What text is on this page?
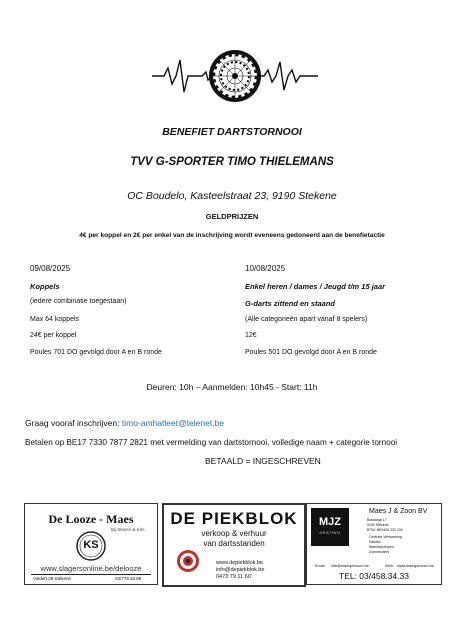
BENEFIET DARTSTORNOOI
TVV G-SPORTER TIMO THIELEMANS
OC Boudelo, Kasteelstraat 23, 9190 Stekene
GELDPRIJZEN
4€ per koppel en 2€ per enkel van de inschrijving wordt eveneens gedoneerd aan de benefietactie
09/08/2025
Koppels
(iedere combinatie toegestaan)
Max 64 koppels
24€ per koppel
Poules 701 DO gevolgd door A en B ronde
10/08/2025
Enkel heren / dames / Jeugd t/m 15 jaar
G-darts zittend en staand
(Alle categorieën apart vanaf 8 spelers)
12€
Poules 501 DO gevolgd door A en B ronde
Deuren: 10h – Aanmelden: 10h45 - Start: 11h
Graag vooraf inschrijven: timo-amhatleet@telenet.be
Betalen op BE17 7330 7877 2821 met vermelding van dartstornooi, volledige naam + categorie tornooi
BETAALD = INGESCHREVEN
De Looze - Maes
Bij Steven & Kim
KS
www.slagersonline.be/delooze
Voldert 29 Stekene	03/779.33.89
DE PIEKBLOK
verkoop & verhuur
van dartsstanden
www.depiekblok.be
info@depiekblok.be
0473 79 11 60
MJZ
HEATING
Maes J & Zoon BV
Bosstraat 17
9190 Stekene
BTW: BE0426 230 204
Centrale Verwarming
Sanitair
Warmtepompen
Zonneboilers
Email: info@maesjenzoon.be	Web: www.maesjenzoon.be
TEL: 03/458.34.33
